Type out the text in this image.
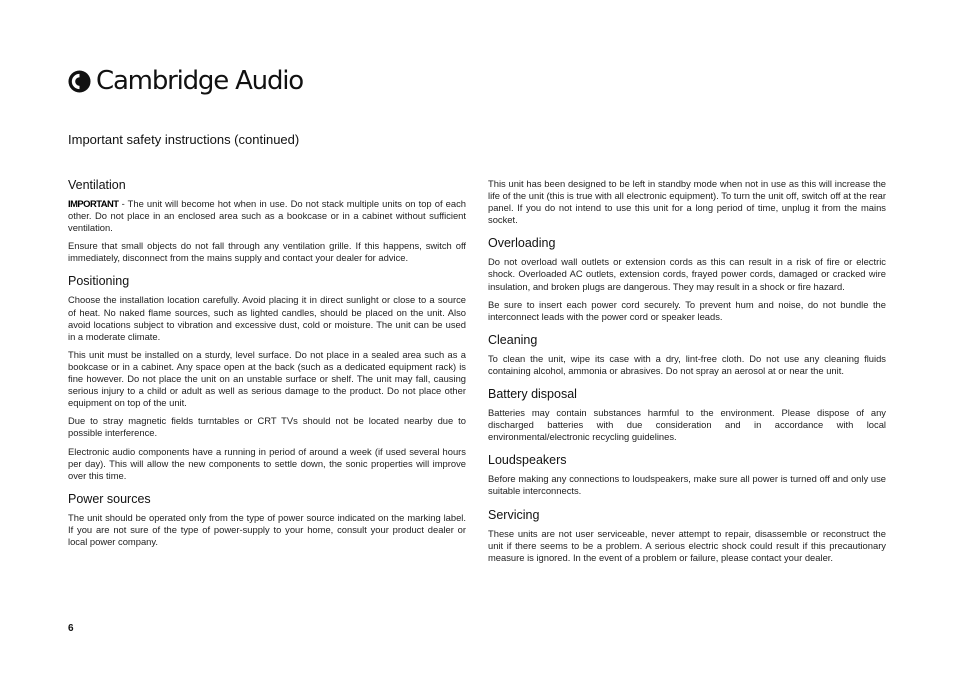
Cambridge Audio
Important safety instructions (continued)
Ventilation

IMPORTANT - The unit will become hot when in use. Do not stack multiple units on top of each other. Do not place in an enclosed area such as a bookcase or in a cabinet without sufficient ventilation.

Ensure that small objects do not fall through any ventilation grille. If this happens, switch off immediately, disconnect from the mains supply and contact your dealer for advice.

Positioning

Choose the installation location carefully. Avoid placing it in direct sunlight or close to a source of heat. No naked flame sources, such as lighted candles, should be placed on the unit. Also avoid locations subject to vibration and excessive dust, cold or moisture. The unit can be used in a moderate climate.

This unit must be installed on a sturdy, level surface. Do not place in a sealed area such as a bookcase or in a cabinet. Any space open at the back (such as a dedicated equipment rack) is fine however. Do not place the unit on an unstable surface or shelf. The unit may fall, causing serious injury to a child or adult as well as serious damage to the product. Do not place other equipment on top of the unit.

Due to stray magnetic fields turntables or CRT TVs should not be located nearby due to possible interference.

Electronic audio components have a running in period of around a week (if used several hours per day). This will allow the new components to settle down, the sonic properties will improve over this time.

Power sources

The unit should be operated only from the type of power source indicated on the marking label. If you are not sure of the type of power-supply to your home, consult your product dealer or local power company.

This unit has been designed to be left in standby mode when not in use as this will increase the life of the unit (this is true with all electronic equipment). To turn the unit off, switch off at the rear panel. If you do not intend to use this unit for a long period of time, unplug it from the mains socket.

Overloading

Do not overload wall outlets or extension cords as this can result in a risk of fire or electric shock. Overloaded AC outlets, extension cords, frayed power cords, damaged or cracked wire insulation, and broken plugs are dangerous. They may result in a shock or fire hazard.

Be sure to insert each power cord securely. To prevent hum and noise, do not bundle the interconnect leads with the power cord or speaker leads.

Cleaning

To clean the unit, wipe its case with a dry, lint-free cloth. Do not use any cleaning fluids containing alcohol, ammonia or abrasives. Do not spray an aerosol at or near the unit.

Battery disposal

Batteries may contain substances harmful to the environment. Please dispose of any discharged batteries with due consideration and in accordance with local environmental/electronic recycling guidelines.

Loudspeakers

Before making any connections to loudspeakers, make sure all power is turned off and only use suitable interconnects.

Servicing

These units are not user serviceable, never attempt to repair, disassemble or reconstruct the unit if there seems to be a problem. A serious electric shock could result if this precautionary measure is ignored. In the event of a problem or failure, please contact your dealer.

6
